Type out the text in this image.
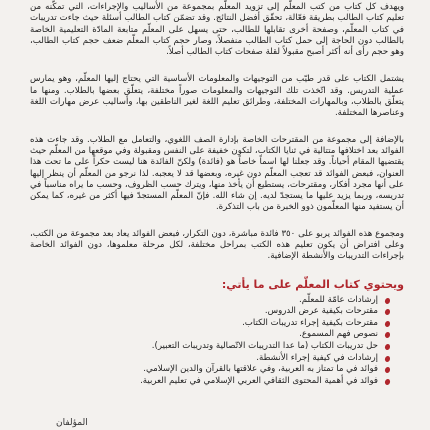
ويهدف كل كتاب من كتب المعلّم إلى تزويد المعلّم بمجموعة من الأساليب والإجراءات، التي تمكّنه من تعليم كتاب الطالب بطريقة فعّالة، تحقّق أفضل النتائج. وقد تضمّن كتاب الطالب أسئلة حيث جاءت تدريبات في كتاب المعلّم، وصفحة أخرى تقابلها للطالب، حتى يسهل على المعلّم متابعة المادّة التعليمية الخاصة بالطالب دون الحاجة إلى حمل كتاب الطالب منفصلاً، وصار حجم كتاب المعلّم ضعف حجم كتاب الطالب، وهو حجم رأى أنه أكثر أصبح مقبولاً لقلة صفحات كتاب الطالب أصلاً.

يشتمل الكتاب على قدر طيّب من التوجيهات والمعلومات الأساسية التي يحتاج إليها المعلّم، وهو يمارس عملية التدريس. وقد اتّخذت تلك التوجيهات والمعلومات صوراً مختلفة، يتعلّق بعضها بالطلاب. ومنها ما يتعلّق بالطلاب، وبالمهارات المختلفة، وطرائق تعليم اللغة لغير الناطقين بها، وأساليب عرض مهارات اللغة وعناصرها المختلفة.

بالإضافة إلى مجموعة من المقترحات الخاصة بإدارة الصف اللغوي، والتعامل مع الطلاب. وقد جاءت هذه الفوائد بعد اختلافها متتالية في ثنايا الكتاب، لتكون خفيفة على النفس ومقبولة وفي موقعها من المعلّم حيث يقتضيها المقام أحياناً. وقد جعلنا لها اسماً خاصاً هو (فائدة) ولكنّ الفائدة هنا ليست حكراً على ما تحت هذا العنوان، فبعض الفوائد قد تعجب المعلّم دون غيره، وبعضها قد لا يعجبه. لذا نرجو من المعلّم أن ينظر إليها على أنها مجرد أفكار، ومقترحات، يستطيع أن يأخذ منها، ويترك حسب الظروف، وحسب ما يراه مناسباً في تدريسه، وربما يزيد عليها ما يستجدّ لديه. إن شاء الله. فإنّ المعلّم المستجدّ فيها أكثر من غيره، كما يمكن أن يستفيد منها المعلّمون ذوو الخبرة من باب التذكرة.

ومجموع هذه الفوائد يربو على ٣٥٠ فائدة مباشرة، دون التكرار، فبعض الفوائد يعاد بعد مجموعة من الكتب، وعلى افتراض أن يكون تعليم هذه الكتب بمراحل مختلفة، لكل مرحلة معلموها، دون الفوائد الخاصة بإجراءات التدريبات والأنشطة الإضافية.

ويحتوي كتاب المعلّم على ما يأتي:
إرشادات عامّة للمعلّم.
مقترحات بكيفية عرض الدروس.
مقترحات بكيفية إجراء تدريبات الكتاب.
نصوص فهم المسموع.
حل تدريبات الكتاب (ما عدا التدريبات الاتّصالية وتدريبات التعبير).
إرشادات في كيفية إجراء الأنشطة.
فوائد في ما تمتاز به العربية، وفي علاقتها بالقرآن والدين الإسلامي.
فوائد في أهمية المحتوى الثقافي العربي الإسلامي في تعليم العربية.
المؤلفان
